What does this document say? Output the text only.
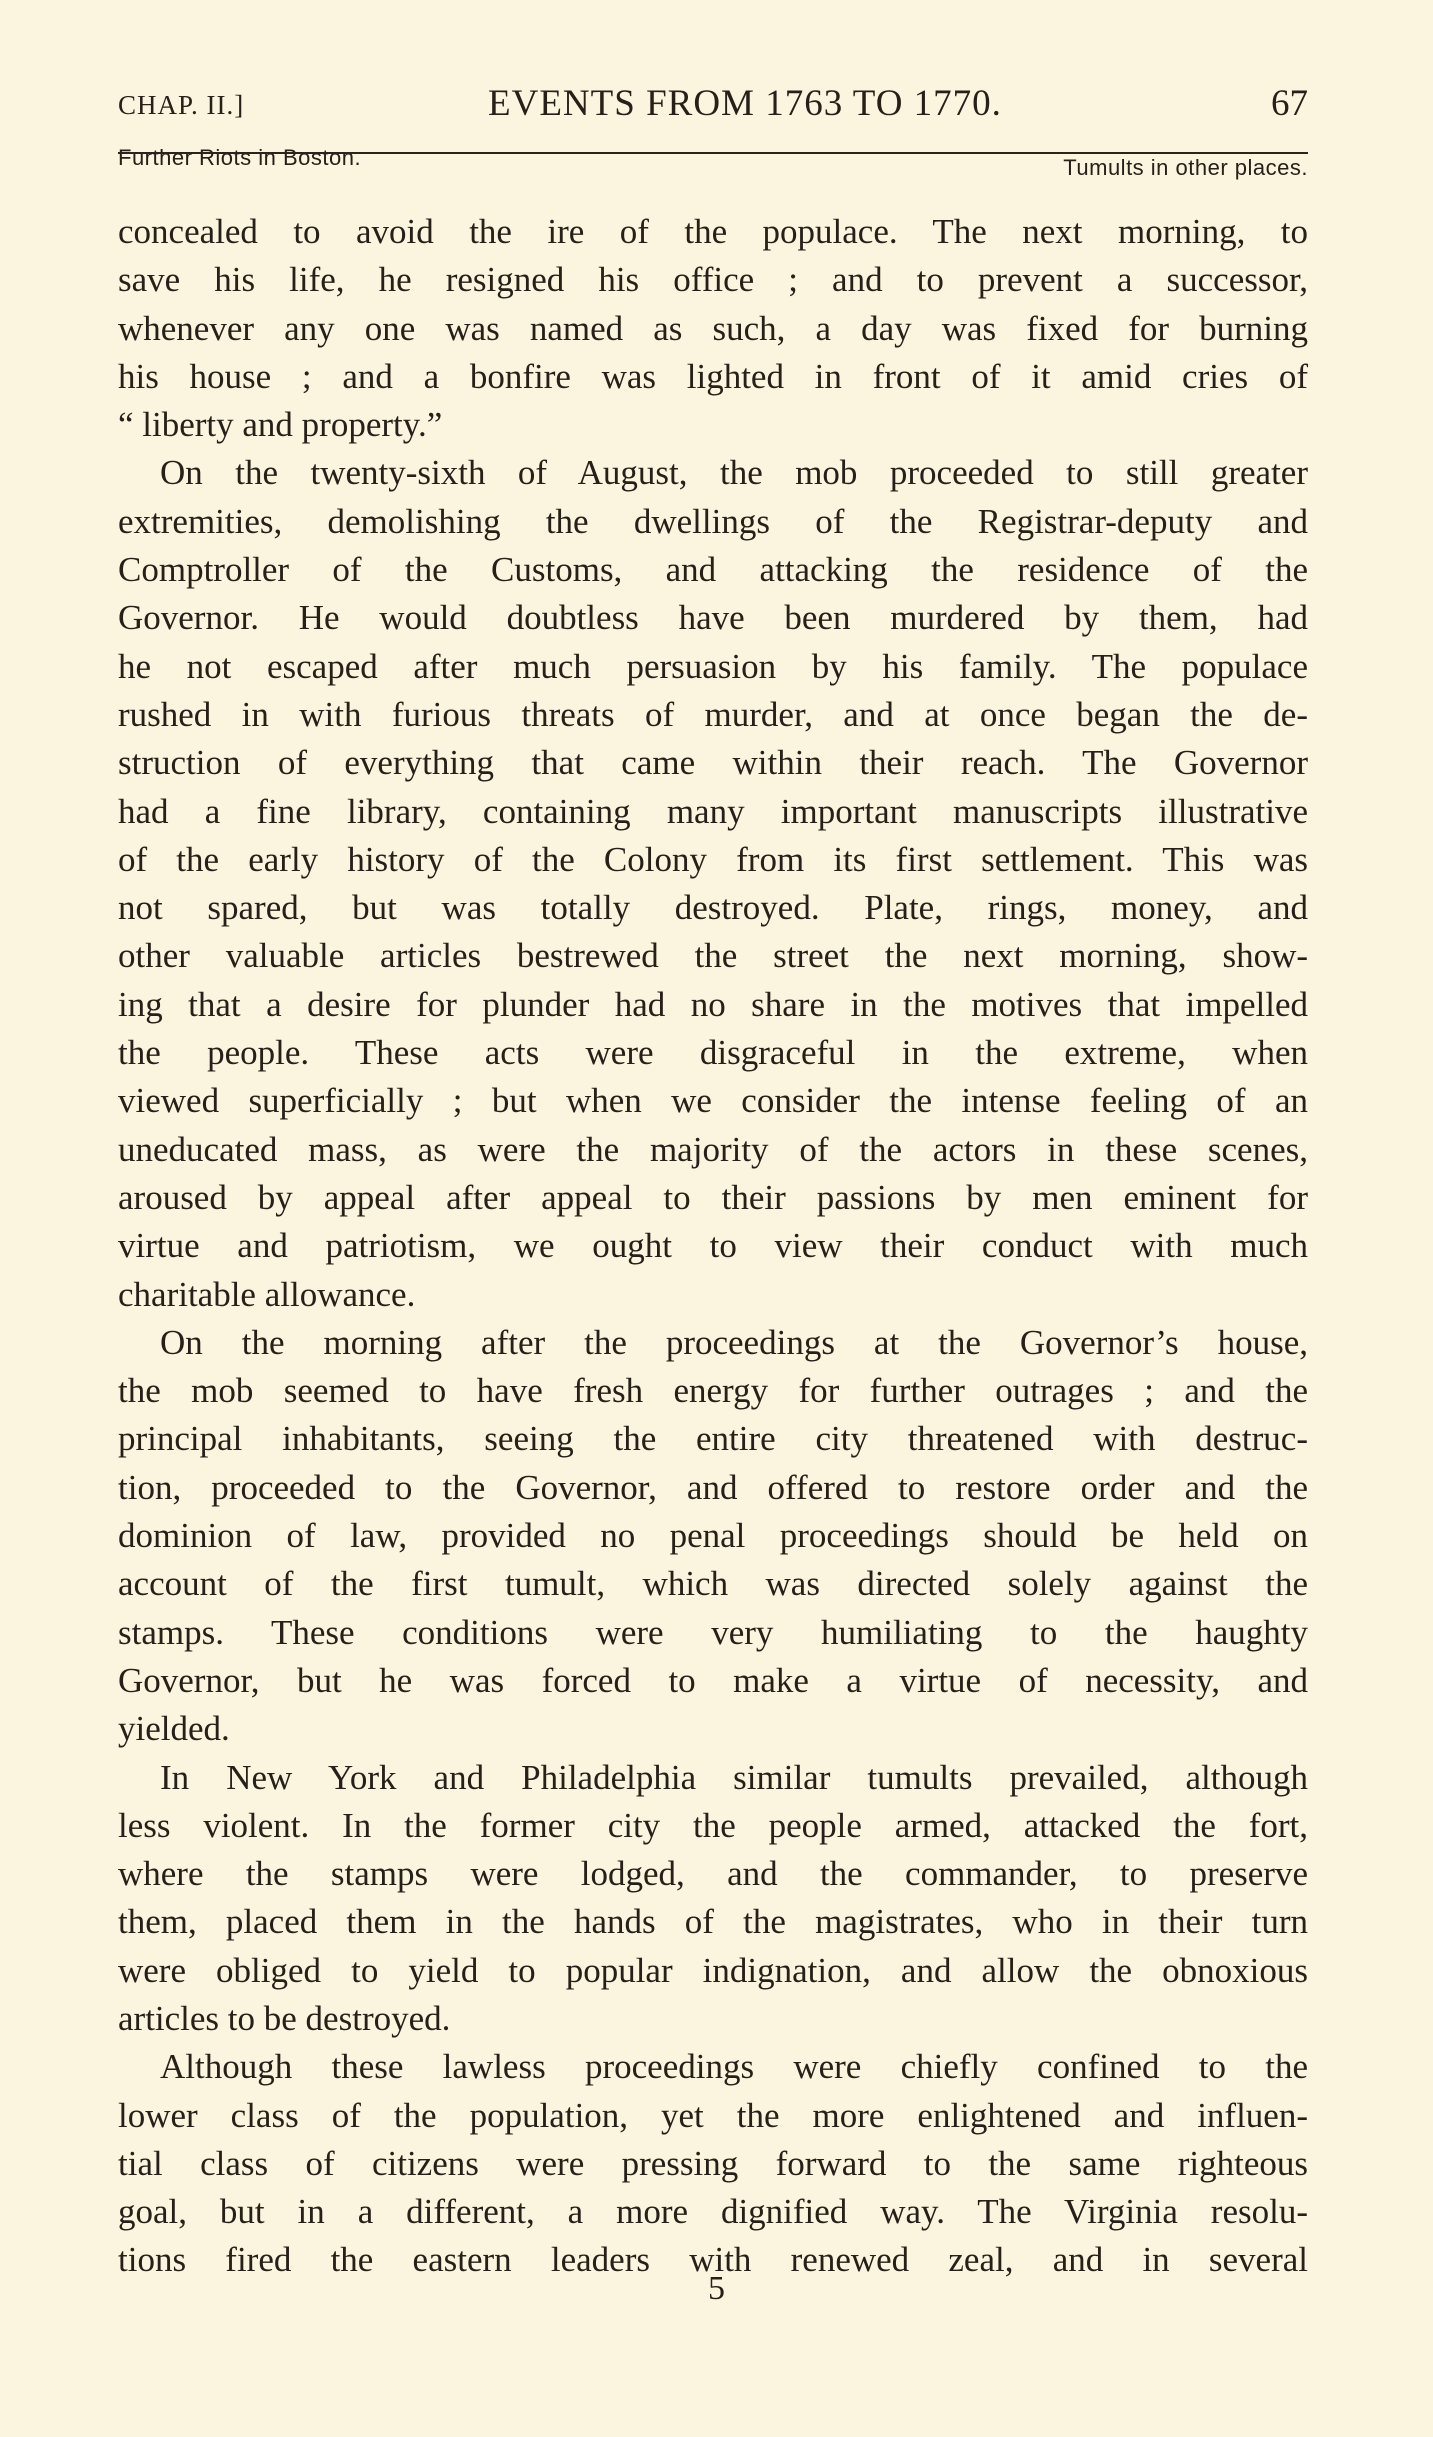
CHAP. II.]	EVENTS FROM 1763 TO 1770.	67
Further Riots in Boston.	Tumults in other places.
concealed to avoid the ire of the populace. The next morning, to
save his life, he resigned his office ; and to prevent a successor,
whenever any one was named as such, a day was fixed for burning
his house ; and a bonfire was lighted in front of it amid cries of
“ liberty and property.”
On the twenty-sixth of August, the mob proceeded to still greater
extremities, demolishing the dwellings of the Registrar-deputy and
Comptroller of the Customs, and attacking the residence of the
Governor. He would doubtless have been murdered by them, had
he not escaped after much persuasion by his family. The populace
rushed in with furious threats of murder, and at once began the de-
struction of everything that came within their reach. The Governor
had a fine library, containing many important manuscripts illustrative
of the early history of the Colony from its first settlement. This was
not spared, but was totally destroyed. Plate, rings, money, and
other valuable articles bestrewed the street the next morning, show-
ing that a desire for plunder had no share in the motives that impelled
the people. These acts were disgraceful in the extreme, when
viewed superficially ; but when we consider the intense feeling of an
uneducated mass, as were the majority of the actors in these scenes,
aroused by appeal after appeal to their passions by men eminent for
virtue and patriotism, we ought to view their conduct with much
charitable allowance.
On the morning after the proceedings at the Governor’s house,
the mob seemed to have fresh energy for further outrages ; and the
principal inhabitants, seeing the entire city threatened with destruc-
tion, proceeded to the Governor, and offered to restore order and the
dominion of law, provided no penal proceedings should be held on
account of the first tumult, which was directed solely against the
stamps. These conditions were very humiliating to the haughty
Governor, but he was forced to make a virtue of necessity, and
yielded.
In New York and Philadelphia similar tumults prevailed, although
less violent. In the former city the people armed, attacked the fort,
where the stamps were lodged, and the commander, to preserve
them, placed them in the hands of the magistrates, who in their turn
were obliged to yield to popular indignation, and allow the obnoxious
articles to be destroyed.
Although these lawless proceedings were chiefly confined to the
lower class of the population, yet the more enlightened and influen-
tial class of citizens were pressing forward to the same righteous
goal, but in a different, a more dignified way. The Virginia resolu-
tions fired the eastern leaders with renewed zeal, and in several
5
